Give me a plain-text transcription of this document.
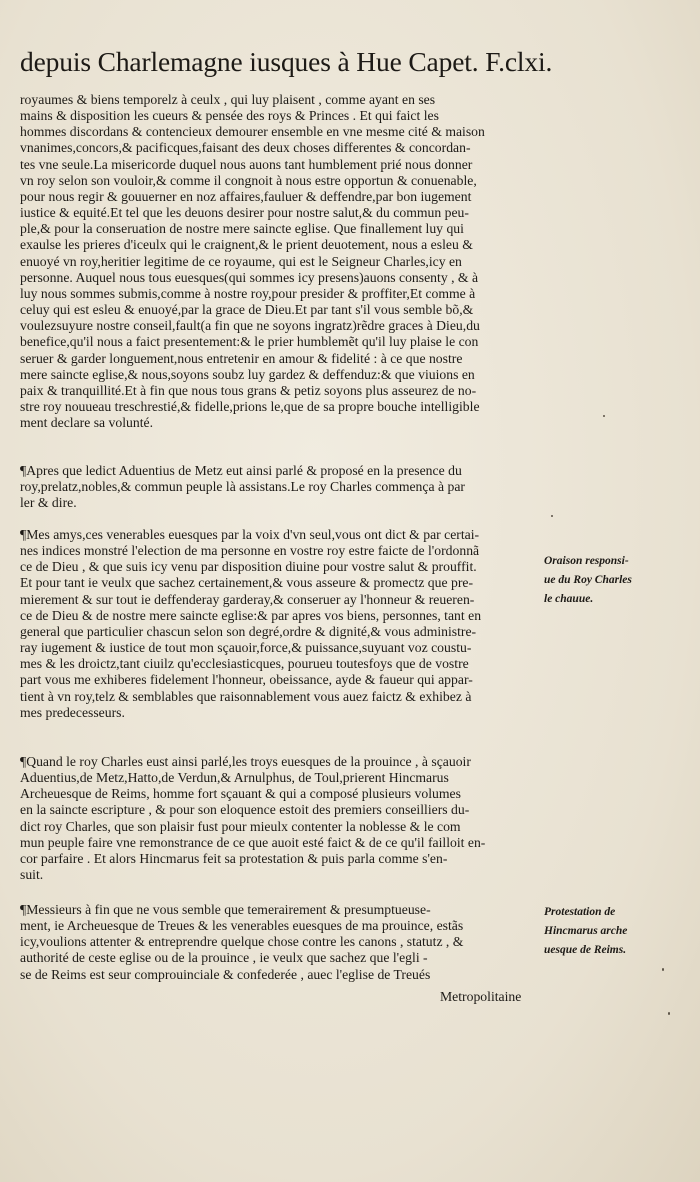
depuis Charlemagne iusques à Hue Capet. F.clxi.
royaumes & biens temporelz à ceulx , qui luy plaisent , comme ayant en ses
mains & disposition les cueurs & pensée des roys & Princes . Et qui faict les
hommes discordans & contencieux demourer ensemble en vne mesme cité & maison
vnanimes,concors,& pacificques,faisant des deux choses differentes & concordan-
tes vne seule.La misericorde duquel nous auons tant humblement prié nous donner
vn roy selon son vouloir,& comme il congnoit à nous estre opportun & conuenable,
pour nous regir & gouuerner en noz affaires,fauluer & deffendre,par bon iugement
iustice & equité.Et tel que les deuons desirer pour nostre salut,& du commun peu-
ple,& pour la conseruation de nostre mere saincte eglise. Que finallement luy qui
exaulse les prieres d'iceulx qui le craignent,& le prient deuotement, nous a esleu &
enuoyé vn roy,heritier legitime de ce royaume, qui est le Seigneur Charles,icy en
personne. Auquel nous tous euesques(qui sommes icy presens)auons consenty , & à
luy nous sommes submis,comme à nostre roy,pour presider & proffiter,Et comme à
celuy qui est esleu & enuoyé,par la grace de Dieu.Et par tant s'il vous semble bõ,&
voulezsuyure nostre conseil,fault(a fin que ne soyons ingratz)rẽdre graces à Dieu,du
benefice,qu'il nous a faict presentement:& le prier humblemẽt qu'il luy plaise le con
seruer & garder longuement,nous entretenir en amour & fidelité : à ce que nostre
mere saincte eglise,& nous,soyons soubz luy gardez & deffenduz:& que viuions en
paix & tranquillité.Et à fin que nous tous grans & petiz soyons plus asseurez de no-
stre roy nouueau treschrestié,& fidelle,prions le,que de sa propre bouche intelligible
ment declare sa volunté.
¶Apres que ledict Aduentius de Metz eut ainsi parlé & proposé en la presence du
roy,prelatz,nobles,& commun peuple là assistans.Le roy Charles commença à par
ler & dire.
¶Mes amys,ces venerables euesques par la voix d'vn seul,vous ont dict & par certai-
nes indices monstré l'election de ma personne en vostre roy estre faicte de l'ordonnã
ce de Dieu , & que suis icy venu par disposition diuine pour vostre salut & prouffit.
Et pour tant ie veulx que sachez certainement,& vous asseure & promectz que pre-
mierement & sur tout ie deffenderay garderay,& conseruer ay l'honneur & reueren-
ce de Dieu & de nostre mere saincte eglise:& par apres vos biens, personnes, tant en
general que particulier chascun selon son degré,ordre & dignité,& vous administre-
ray iugement & iustice de tout mon sçauoir,force,& puissance,suyuant voz coustu-
mes & les droictz,tant ciuilz qu'ecclesiasticques, pourueu toutesfoys que de vostre
part vous me exhiberes fidelement l'honneur, obeissance, ayde & faueur qui appar-
tient à vn roy,telz & semblables que raisonnablement vous auez faictz & exhibez à
mes predecesseurs.
¶Quand le roy Charles eust ainsi parlé,les troys euesques de la prouince , à sçauoir
Aduentius,de Metz,Hatto,de Verdun,& Arnulphus, de Toul,prierent Hincmarus
Archeuesque de Reims, homme fort sçauant & qui a composé plusieurs volumes
en la saincte escripture , & pour son eloquence estoit des premiers conseilliers du-
dict roy Charles, que son plaisir fust pour mieulx contenter la noblesse & le com
mun peuple faire vne remonstrance de ce que auoit esté faict & de ce qu'il failloit en-
cor parfaire . Et alors Hincmarus feit sa protestation & puis parla comme s'en-
suit.
¶Messieurs à fin que ne vous semble que temerairement & presumptueuse-
ment, ie Archeuesque de Treues & les venerables euesques de ma prouince, estãs
icy,voulions attenter & entreprendre quelque chose contre les canons , statutz , &
authorité de ceste eglise ou de la prouince , ie veulx que sachez que l'egli -
se de Reims est seur comprouinciale & confederée , auec l'eglise de Treués
Metropolitaine
Oraison responsi-
ue du Roy Charles
le chauue.
Protestation de
Hincmarus arche
uesque de Reims.
